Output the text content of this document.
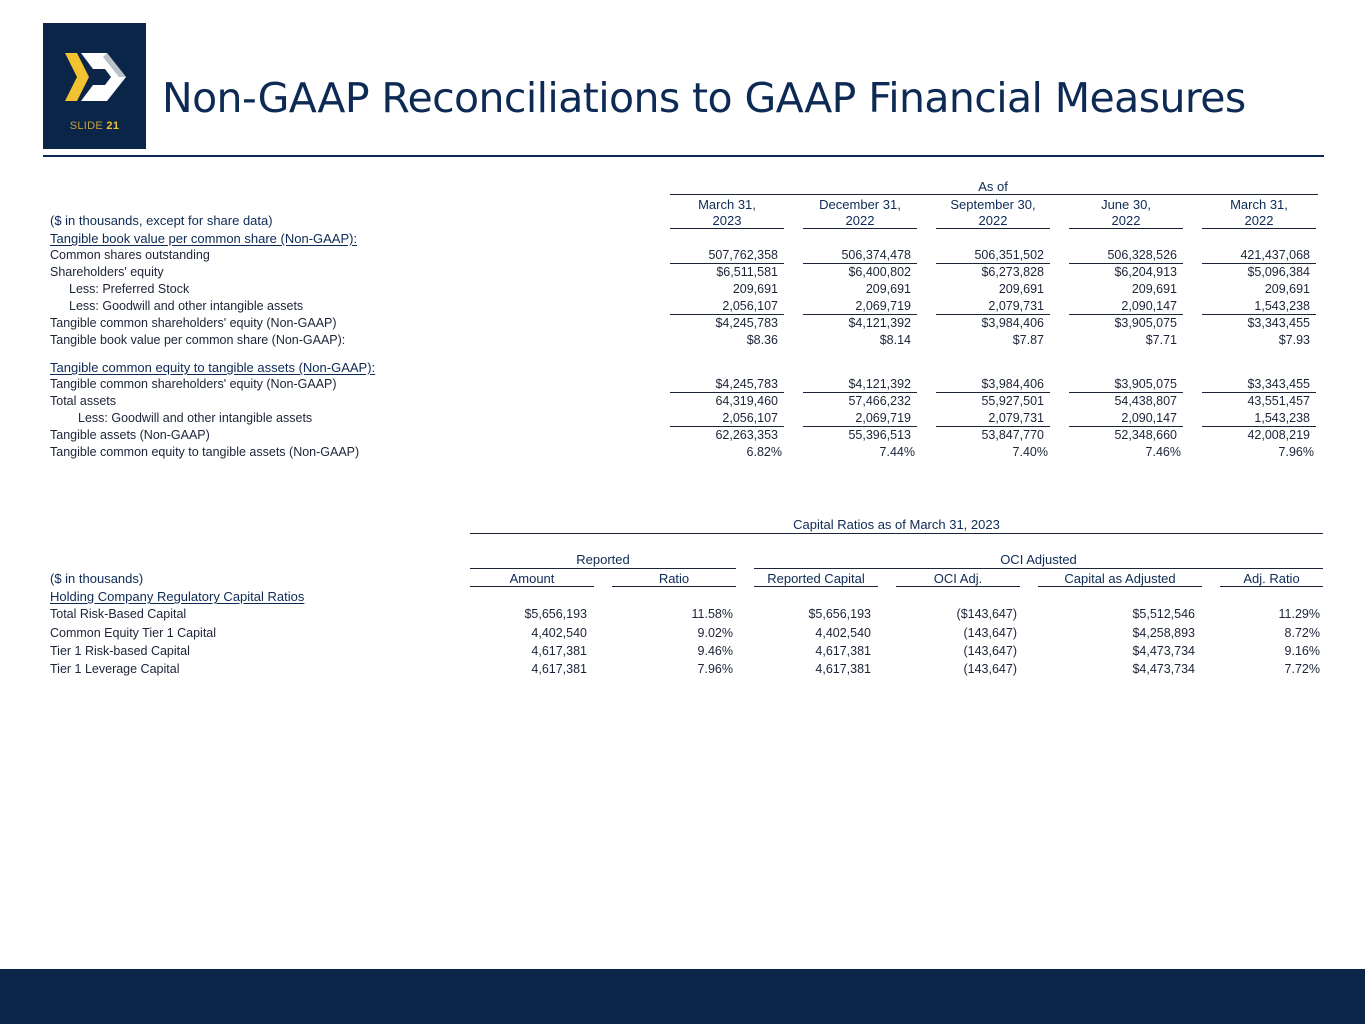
SLIDE 21
Non-GAAP Reconciliations to GAAP Financial Measures
As of
($ in thousands, except for share data)
March 31,
2023
December 31,
2022
September 30,
2022
June 30,
2022
March 31,
2022
Tangible book value per common share (Non-GAAP):
Common shares outstanding	507,762,358	506,374,478	506,351,502	506,328,526	421,437,068
Shareholders' equity	$6,511,581	$6,400,802	$6,273,828	$6,204,913	$5,096,384
Less: Preferred Stock	209,691	209,691	209,691	209,691	209,691
Less: Goodwill and other intangible assets	2,056,107	2,069,719	2,079,731	2,090,147	1,543,238
Tangible common shareholders' equity (Non-GAAP)	$4,245,783	$4,121,392	$3,984,406	$3,905,075	$3,343,455
Tangible book value per common share (Non-GAAP):	$8.36	$8.14	$7.87	$7.71	$7.93
Tangible common equity to tangible assets (Non-GAAP):
Tangible common shareholders' equity (Non-GAAP)	$4,245,783	$4,121,392	$3,984,406	$3,905,075	$3,343,455
Total assets	64,319,460	57,466,232	55,927,501	54,438,807	43,551,457
Less: Goodwill and other intangible assets	2,056,107	2,069,719	2,079,731	2,090,147	1,543,238
Tangible assets (Non-GAAP)	62,263,353	55,396,513	53,847,770	52,348,660	42,008,219
Tangible common equity to tangible assets (Non-GAAP)	6.82%	7.44%	7.40%	7.46%	7.96%
Capital Ratios as of March 31, 2023
Reported	OCI Adjusted
($ in thousands)	Amount	Ratio	Reported Capital	OCI Adj.	Capital as Adjusted	Adj. Ratio
Holding Company Regulatory Capital Ratios
Total Risk-Based Capital	$5,656,193	11.58%	$5,656,193	($143,647)	$5,512,546	11.29%
Common Equity Tier 1 Capital	4,402,540	9.02%	4,402,540	(143,647)	$4,258,893	8.72%
Tier 1 Risk-based Capital	4,617,381	9.46%	4,617,381	(143,647)	$4,473,734	9.16%
Tier 1 Leverage Capital	4,617,381	7.96%	4,617,381	(143,647)	$4,473,734	7.72%
